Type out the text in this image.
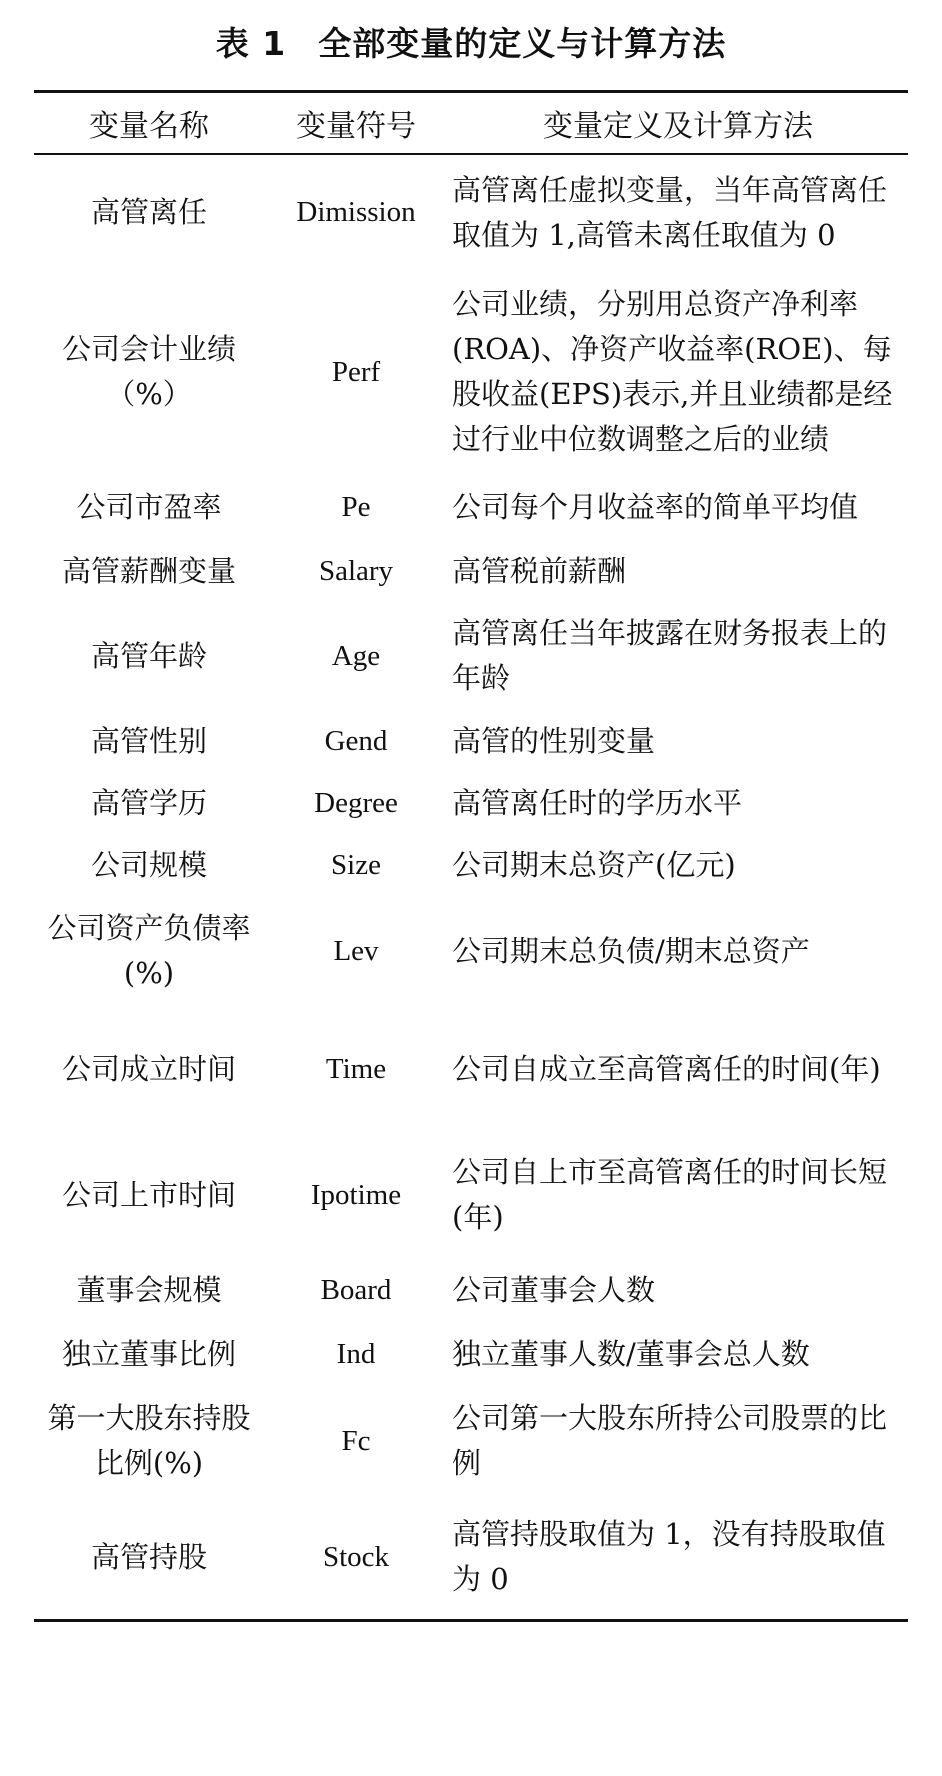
表 1 全部变量的定义与计算方法
变量名称	变量符号	变量定义及计算方法
高管离任	Dimission	高管离任虚拟变量，当年高管离任取值为 1,高管未离任取值为 0
公司会计业绩（%）	Perf	公司业绩，分别用总资产净利率(ROA)、净资产收益率(ROE)、每股收益(EPS)表示,并且业绩都是经过行业中位数调整之后的业绩
公司市盈率	Pe	公司每个月收益率的简单平均值
高管薪酬变量	Salary	高管税前薪酬
高管年龄	Age	高管离任当年披露在财务报表上的年龄
高管性别	Gend	高管的性别变量
高管学历	Degree	高管离任时的学历水平
公司规模	Size	公司期末总资产(亿元)
公司资产负债率(%)	Lev	公司期末总负债/期末总资产
公司成立时间	Time	公司自成立至高管离任的时间(年)
公司上市时间	Ipotime	公司自上市至高管离任的时间长短(年)
董事会规模	Board	公司董事会人数
独立董事比例	Ind	独立董事人数/董事会总人数
第一大股东持股比例(%)	Fc	公司第一大股东所持公司股票的比例
高管持股	Stock	高管持股取值为 1，没有持股取值为 0
